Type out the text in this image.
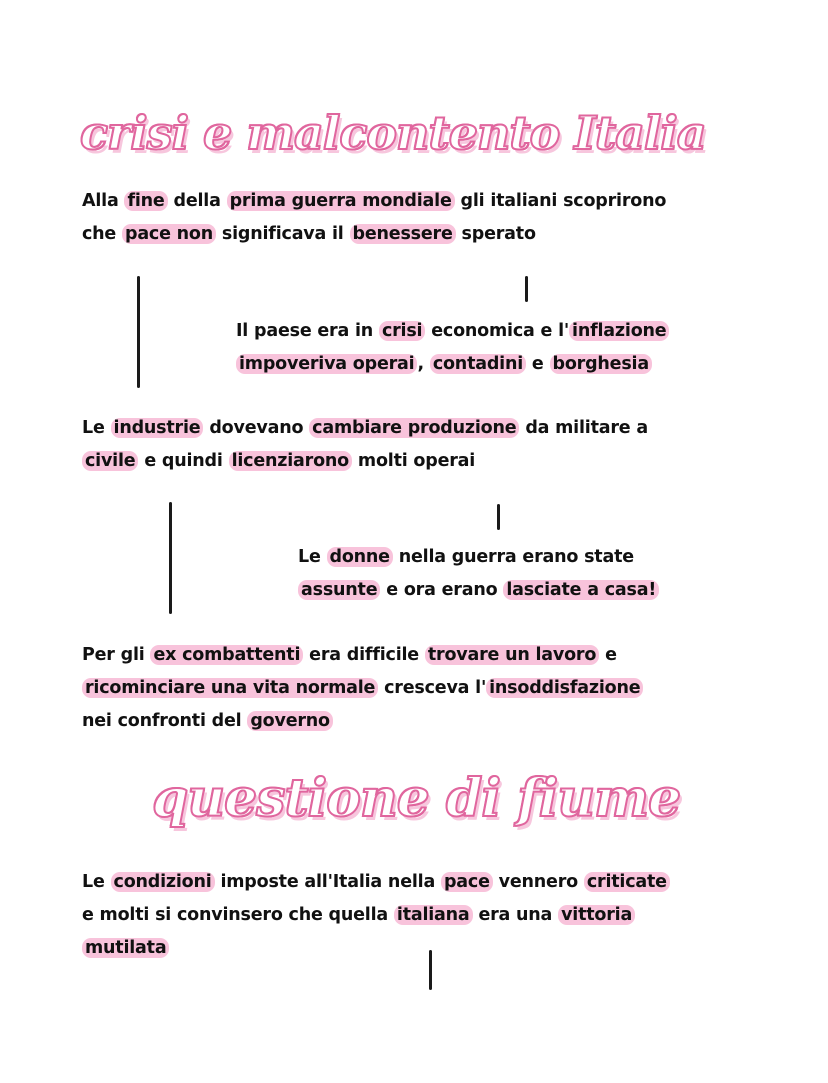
crisi e malcontento Italia
Alla fine della prima guerra mondiale gli italiani scoprirono
che pace non significava il benessere sperato
Il paese era in crisi economica e l' inflazione
impoveriva operai , contadini e borghesia
Le industrie dovevano cambiare produzione da militare a
civile e quindi licenziarono molti operai
Le donne nella guerra erano state
assunte e ora erano lasciate a casa!
Per gli ex combattenti era difficile trovare un lavoro e
ricominciare una vita normale cresceva l' insoddisfazione
nei confronti del governo
questione di fiume
Le condizioni imposte all'Italia nella pace vennero criticate
e molti si convinsero che quella italiana era una vittoria
mutilata
